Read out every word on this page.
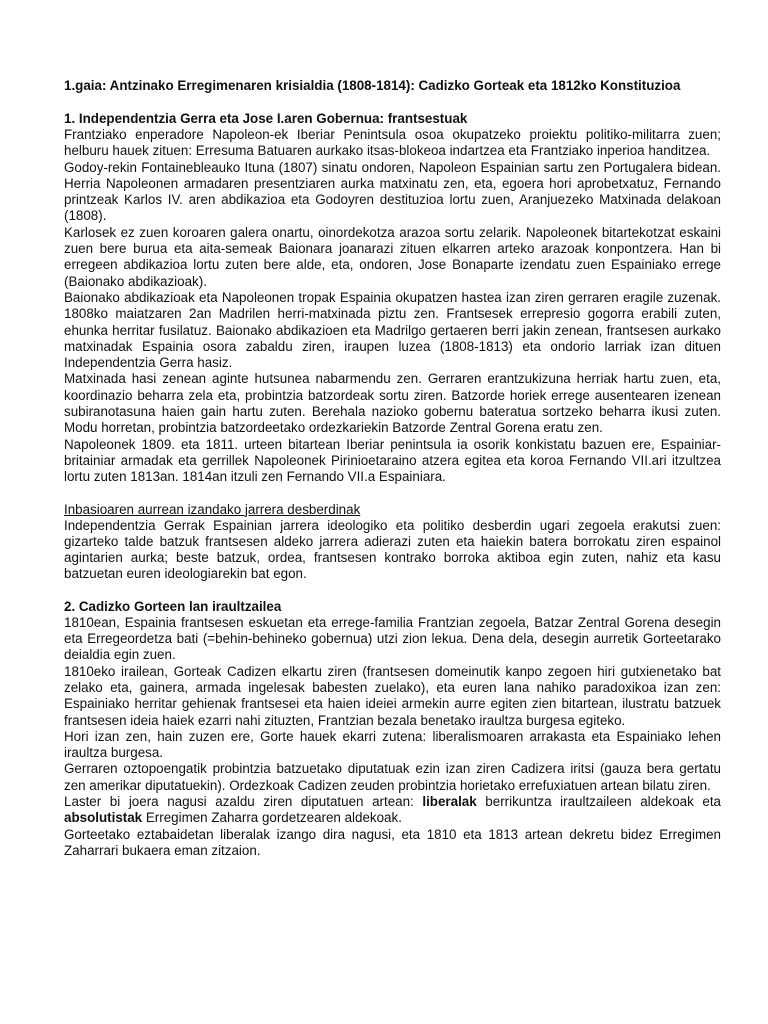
1.gaia: Antzinako Erregimenaren krisialdia (1808-1814): Cadizko Gorteak eta 1812ko Konstituzioa
1. Independentzia Gerra eta Jose I.aren Gobernua: frantsestuak

Frantziako enperadore Napoleon-ek Iberiar Penintsula osoa okupatzeko proiektu politiko-militarra zuen; helburu hauek zituen: Erresuma Batuaren aurkako itsas-blokeoa indartzea eta Frantziako inperioa handitzea.

Godoy-rekin Fontainebleauko Ituna (1807) sinatu ondoren, Napoleon Espainian sartu zen Portugalera bidean. Herria Napoleonen armadaren presentziaren aurka matxinatu zen, eta, egoera hori aprobetxatuz, Fernando printzeak Karlos IV. aren abdikazioa eta Godoyren destituzioa lortu zuen, Aranjuezeko Matxinada delakoan (1808).

Karlosek ez zuen koroaren galera onartu, oinordekotza arazoa sortu zelarik. Napoleonek bitartekotzat eskaini zuen bere burua eta aita-semeak Baionara joanarazi zituen elkarren arteko arazoak konpontzera. Han bi erregeen abdikazioa lortu zuten bere alde, eta, ondoren, Jose Bonaparte izendatu zuen Espainiako errege (Baionako abdikazioak).

Baionako abdikazioak eta Napoleonen tropak Espainia okupatzen hastea izan ziren gerraren eragile zuzenak. 1808ko maiatzaren 2an Madrilen herri-matxinada piztu zen. Frantsesek errepresio gogorra erabili zuten, ehunka herritar fusilatuz. Baionako abdikazioen eta Madrilgo gertaeren berri jakin zenean, frantsesen aurkako matxinadak Espainia osora zabaldu ziren, iraupen luzea (1808-1813) eta ondorio larriak izan dituen Independentzia Gerra hasiz.

Matxinada hasi zenean aginte hutsunea nabarmendu zen. Gerraren erantzukizuna herriak hartu zuen, eta, koordinazio beharra zela eta, probintzia batzordeak sortu ziren. Batzorde horiek errege ausentearen izenean subiranotasuna haien gain hartu zuten. Berehala nazioko gobernu bateratua sortzeko beharra ikusi zuten. Modu horretan, probintzia batzordeetako ordezkariekin Batzorde Zentral Gorena eratu zen.

Napoleonek 1809. eta 1811. urteen bitartean Iberiar penintsula ia osorik konkistatu bazuen ere, Espainiar-britainiar armadak eta gerrillek Napoleonek Pirinioetaraino atzera egitea eta koroa Fernando VII.ari itzultzea lortu zuten 1813an. 1814an itzuli zen Fernando VII.a Espainiara.

Inbasioaren aurrean izandako jarrera desberdinak

Independentzia Gerrak Espainian jarrera ideologiko eta politiko desberdin ugari zegoela erakutsi zuen: gizarteko talde batzuk frantsesen aldeko jarrera adierazi zuten eta haiekin batera borrokatu ziren espainol agintarien aurka; beste batzuk, ordea, frantsesen kontrako borroka aktiboa egin zuten, nahiz eta kasu batzuetan euren ideologiarekin bat egon.

2. Cadizko Gorteen lan iraultzailea

1810ean, Espainia frantsesen eskuetan eta errege-familia Frantzian zegoela, Batzar Zentral Gorena desegin eta Erregeordetza bati (=behin-behineko gobernua) utzi zion lekua. Dena dela, desegin aurretik Gorteetarako deialdia egin zuen.

1810eko irailean, Gorteak Cadizen elkartu ziren (frantsesen domeinutik kanpo zegoen hiri gutxienetako bat zelako eta, gainera, armada ingelesak babesten zuelako), eta euren lana nahiko paradoxikoa izan zen: Espainiako herritar gehienak frantsesei eta haien ideiei armekin aurre egiten zien bitartean, ilustratu batzuek frantsesen ideia haiek ezarri nahi zituzten, Frantzian bezala benetako iraultza burgesa egiteko.

Hori izan zen, hain zuzen ere, Gorte hauek ekarri zutena: liberalismoaren arrakasta eta Espainiako lehen iraultza burgesa.

Gerraren oztopoengatik probintzia batzuetako diputatuak ezin izan ziren Cadizera iritsi (gauza bera gertatu zen amerikar diputatuekin). Ordezkoak Cadizen zeuden probintzia horietako errefuxiatuen artean bilatu ziren.

Laster bi joera nagusi azaldu ziren diputatuen artean: liberalak berrikuntza iraultzaileen aldekoak eta absolutistak Erregimen Zaharra gordetzearen aldekoak.

Gorteetako eztabaidetan liberalak izango dira nagusi, eta 1810 eta 1813 artean dekretu bidez Erregimen Zaharrari bukaera eman zitzaion.
